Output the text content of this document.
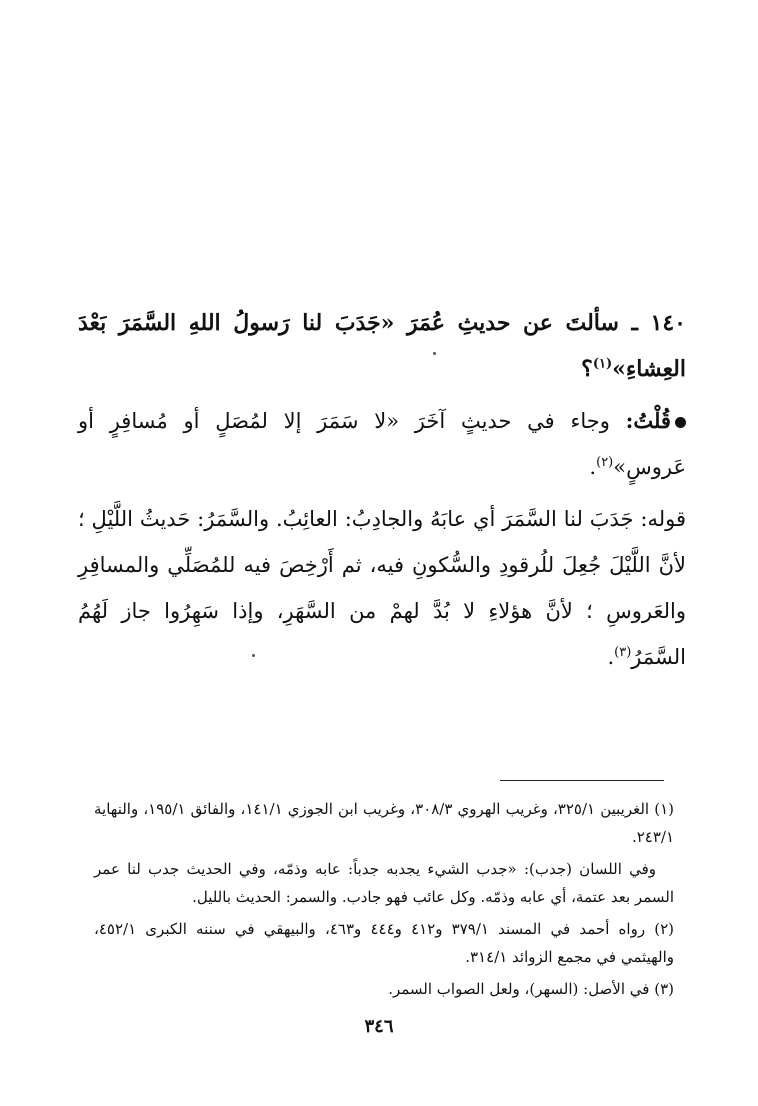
١٤٠ ـ سألتَ عن حديثِ عُمَرَ «جَدَبَ لنا رَسولُ اللهِ السَّمَرَ بَعْدَ العِشاءِ»$^{(١)}$؟

قُلْتُ: وجاء في حديثٍ آخَرَ «لا سَمَرَ إلا لمُصَلٍ أو مُسافِرٍ أو عَروسٍ»$^{(٢)}$.

قوله: جَدَبَ لنا السَّمَرَ أي عابَهُ والجادِبُ: العائِبُ. والسَّمَرُ: حَديثُ اللَّيْلِ ؛ لأنَّ اللَّيْلَ جُعِلَ للُرقودِ والسُّكونِ فيه، ثم أَرْخِصَ فيه للمُصَلِّي والمسافِرِ والعَروسِ ؛ لأنَّ هؤلاءِ لا بُدَّ لهمْ من السَّهَرِ، وإذا سَهِرُوا جاز لَهُمُ السَّمَرُ$^{(٣)}$.

(١) الغريبين ٣٢٥/١، وغريب الهروي ٣٠٨/٣، وغريب ابن الجوزي ١٤١/١، والفائق ١٩٥/١، والنهاية ٢٤٣/١.

وفي اللسان (جدب): «جدب الشيء يجدبه جدباً: عابه وذمّه، وفي الحديث جدب لنا عمر السمر بعد عتمة، أي عابه وذمّه. وكل عائب فهو جادب. والسمر: الحديث بالليل.

(٢) رواه أحمد في المسند ٣٧٩/١ و٤١٢ و٤٤٤ و٤٦٣، والبيهقي في سننه الكبرى ٤٥٢/١، والهيثمي في مجمع الزوائد ٣١٤/١.

(٣) في الأصل: (السهر)، ولعل الصواب السمر.

٣٤٦
